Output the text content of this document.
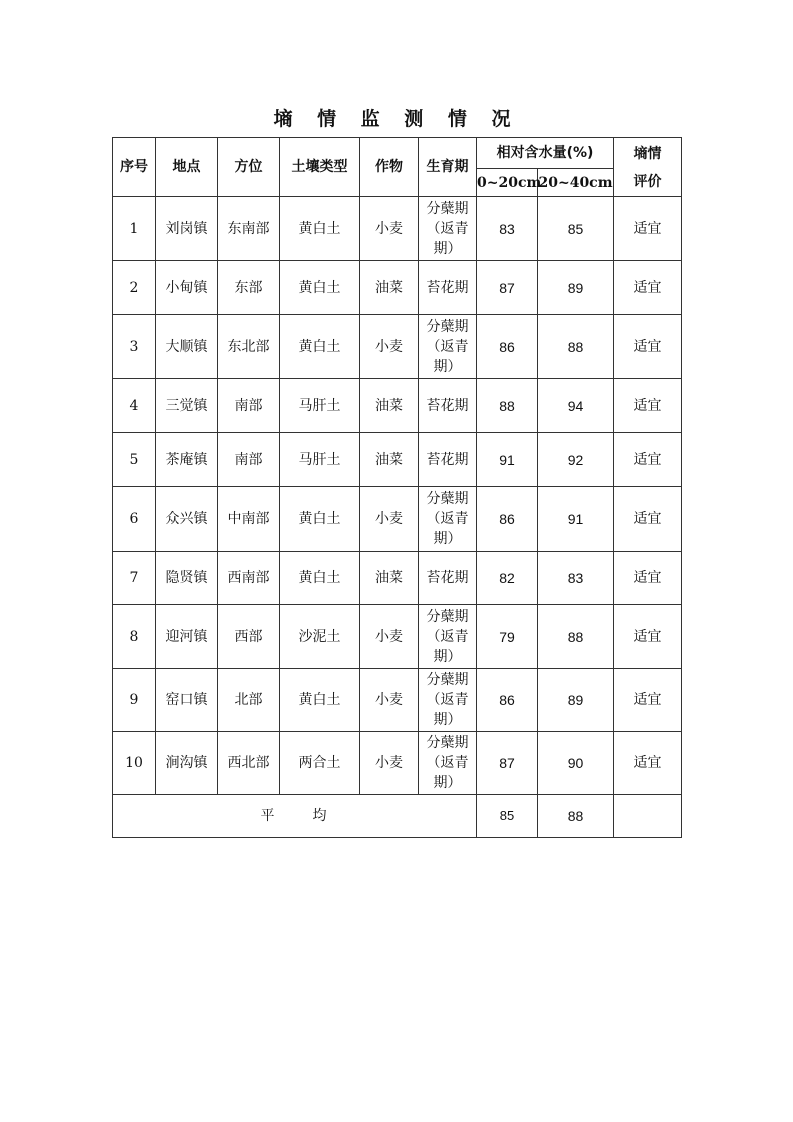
墒 情 监 测 情 况
序号	地点	方位	土壤类型	作物	生育期	相对含水量(%)		墒情
评价

						0~20cm	20~40cm	
1	刘岗镇	东南部	黄白土	小麦	分蘖期
（返青
期）	83	85	适宜
2	小甸镇	东部	黄白土	油菜	苔花期	87	89	适宜
3	大顺镇	东北部	黄白土	小麦	分蘖期
（返青
期）	86	88	适宜
4	三觉镇	南部	马肝土	油菜	苔花期	88	94	适宜
5	茶庵镇	南部	马肝土	油菜	苔花期	91	92	适宜
6	众兴镇	中南部	黄白土	小麦	分蘖期
（返青
期）	86	91	适宜
7	隐贤镇	西南部	黄白土	油菜	苔花期	82	83	适宜
8	迎河镇	西部	沙泥土	小麦	分蘖期
（返青
期）	79	88	适宜
9	窑口镇	北部	黄白土	小麦	分蘖期
（返青
期）	86	89	适宜
10	涧沟镇	西北部	两合土	小麦	分蘖期
（返青
期）	87	90	适宜
平 均						85	88	
